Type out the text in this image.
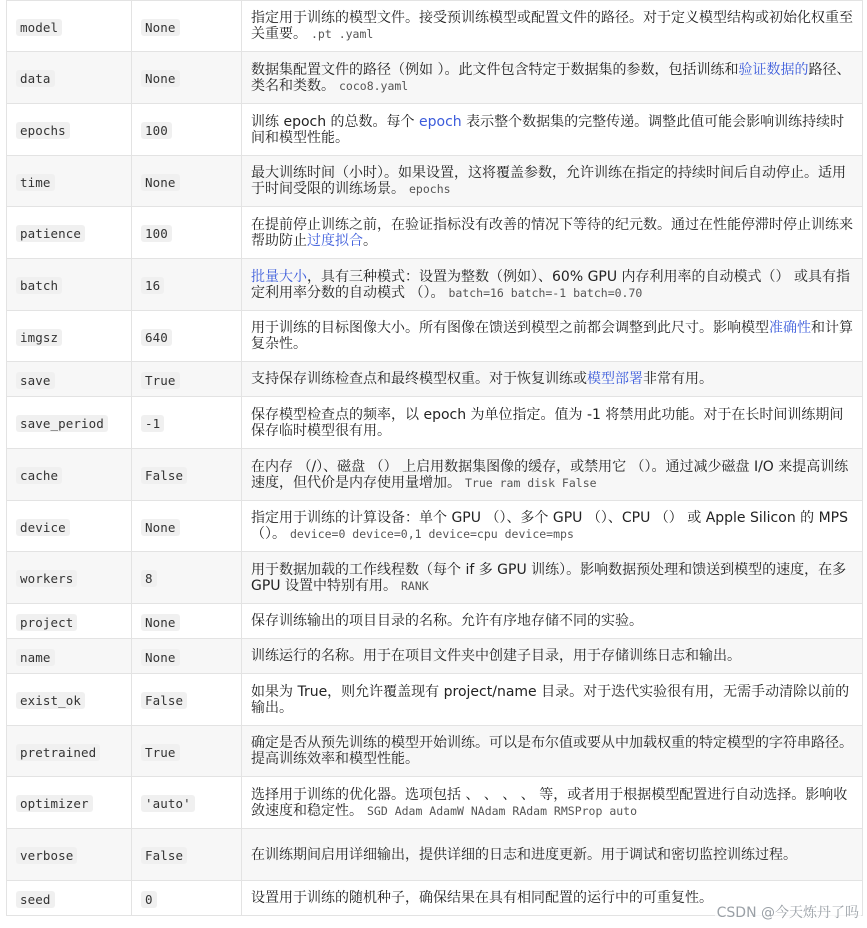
model	None	指定用于训练的模型文件。接受预训练模型或配置文件的路径。对于定义模型结构或初始化权重至关重要。 .pt .yaml
data	None	数据集配置文件的路径（例如 ）。此文件包含特定于数据集的参数，包括训练和验证数据的路径、类名和类数。 coco8.yaml
epochs	100	训练 epoch 的总数。每个 epoch 表示整个数据集的完整传递。调整此值可能会影响训练持续时间和模型性能。
time	None	最大训练时间（小时）。如果设置，这将覆盖参数，允许训练在指定的持续时间后自动停止。适用于时间受限的训练场景。 epochs
patience	100	在提前停止训练之前，在验证指标没有改善的情况下等待的纪元数。通过在性能停滞时停止训练来帮助防止过度拟合。
batch	16	批量大小，具有三种模式：设置为整数（例如）、60% GPU 内存利用率的自动模式（） 或具有指定利用率分数的自动模式 （）。 batch=16 batch=-1 batch=0.70
imgsz	640	用于训练的目标图像大小。所有图像在馈送到模型之前都会调整到此尺寸。影响模型准确性和计算复杂性。
save	True	支持保存训练检查点和最终模型权重。对于恢复训练或模型部署非常有用。
save_period	-1	保存模型检查点的频率，以 epoch 为单位指定。值为 -1 将禁用此功能。对于在长时间训练期间保存临时模型很有用。
cache	False	在内存 （/）、磁盘 （） 上启用数据集图像的缓存，或禁用它 （）。通过减少磁盘 I/O 来提高训练速度，但代价是内存使用量增加。 True ram disk False
device	None	指定用于训练的计算设备：单个 GPU （）、多个 GPU （）、CPU （） 或 Apple Silicon 的 MPS （）。 device=0 device=0,1 device=cpu device=mps
workers	8	用于数据加载的工作线程数（每个 if 多 GPU 训练）。影响数据预处理和馈送到模型的速度，在多 GPU 设置中特别有用。 RANK
project	None	保存训练输出的项目目录的名称。允许有序地存储不同的实验。
name	None	训练运行的名称。用于在项目文件夹中创建子目录，用于存储训练日志和输出。
exist_ok	False	如果为 True，则允许覆盖现有 project/name 目录。对于迭代实验很有用，无需手动清除以前的输出。
pretrained	True	确定是否从预先训练的模型开始训练。可以是布尔值或要从中加载权重的特定模型的字符串路径。提高训练效率和模型性能。
optimizer	'auto'	选择用于训练的优化器。选项包括 、 、 、 、 等，或者用于根据模型配置进行自动选择。影响收敛速度和稳定性。 SGD Adam AdamW NAdam RAdam RMSProp auto
verbose	False	在训练期间启用详细输出，提供详细的日志和进度更新。用于调试和密切监控训练过程。
seed	0	设置用于训练的随机种子，确保结果在具有相同配置的运行中的可重复性。
CSDN @今天炼丹了吗
